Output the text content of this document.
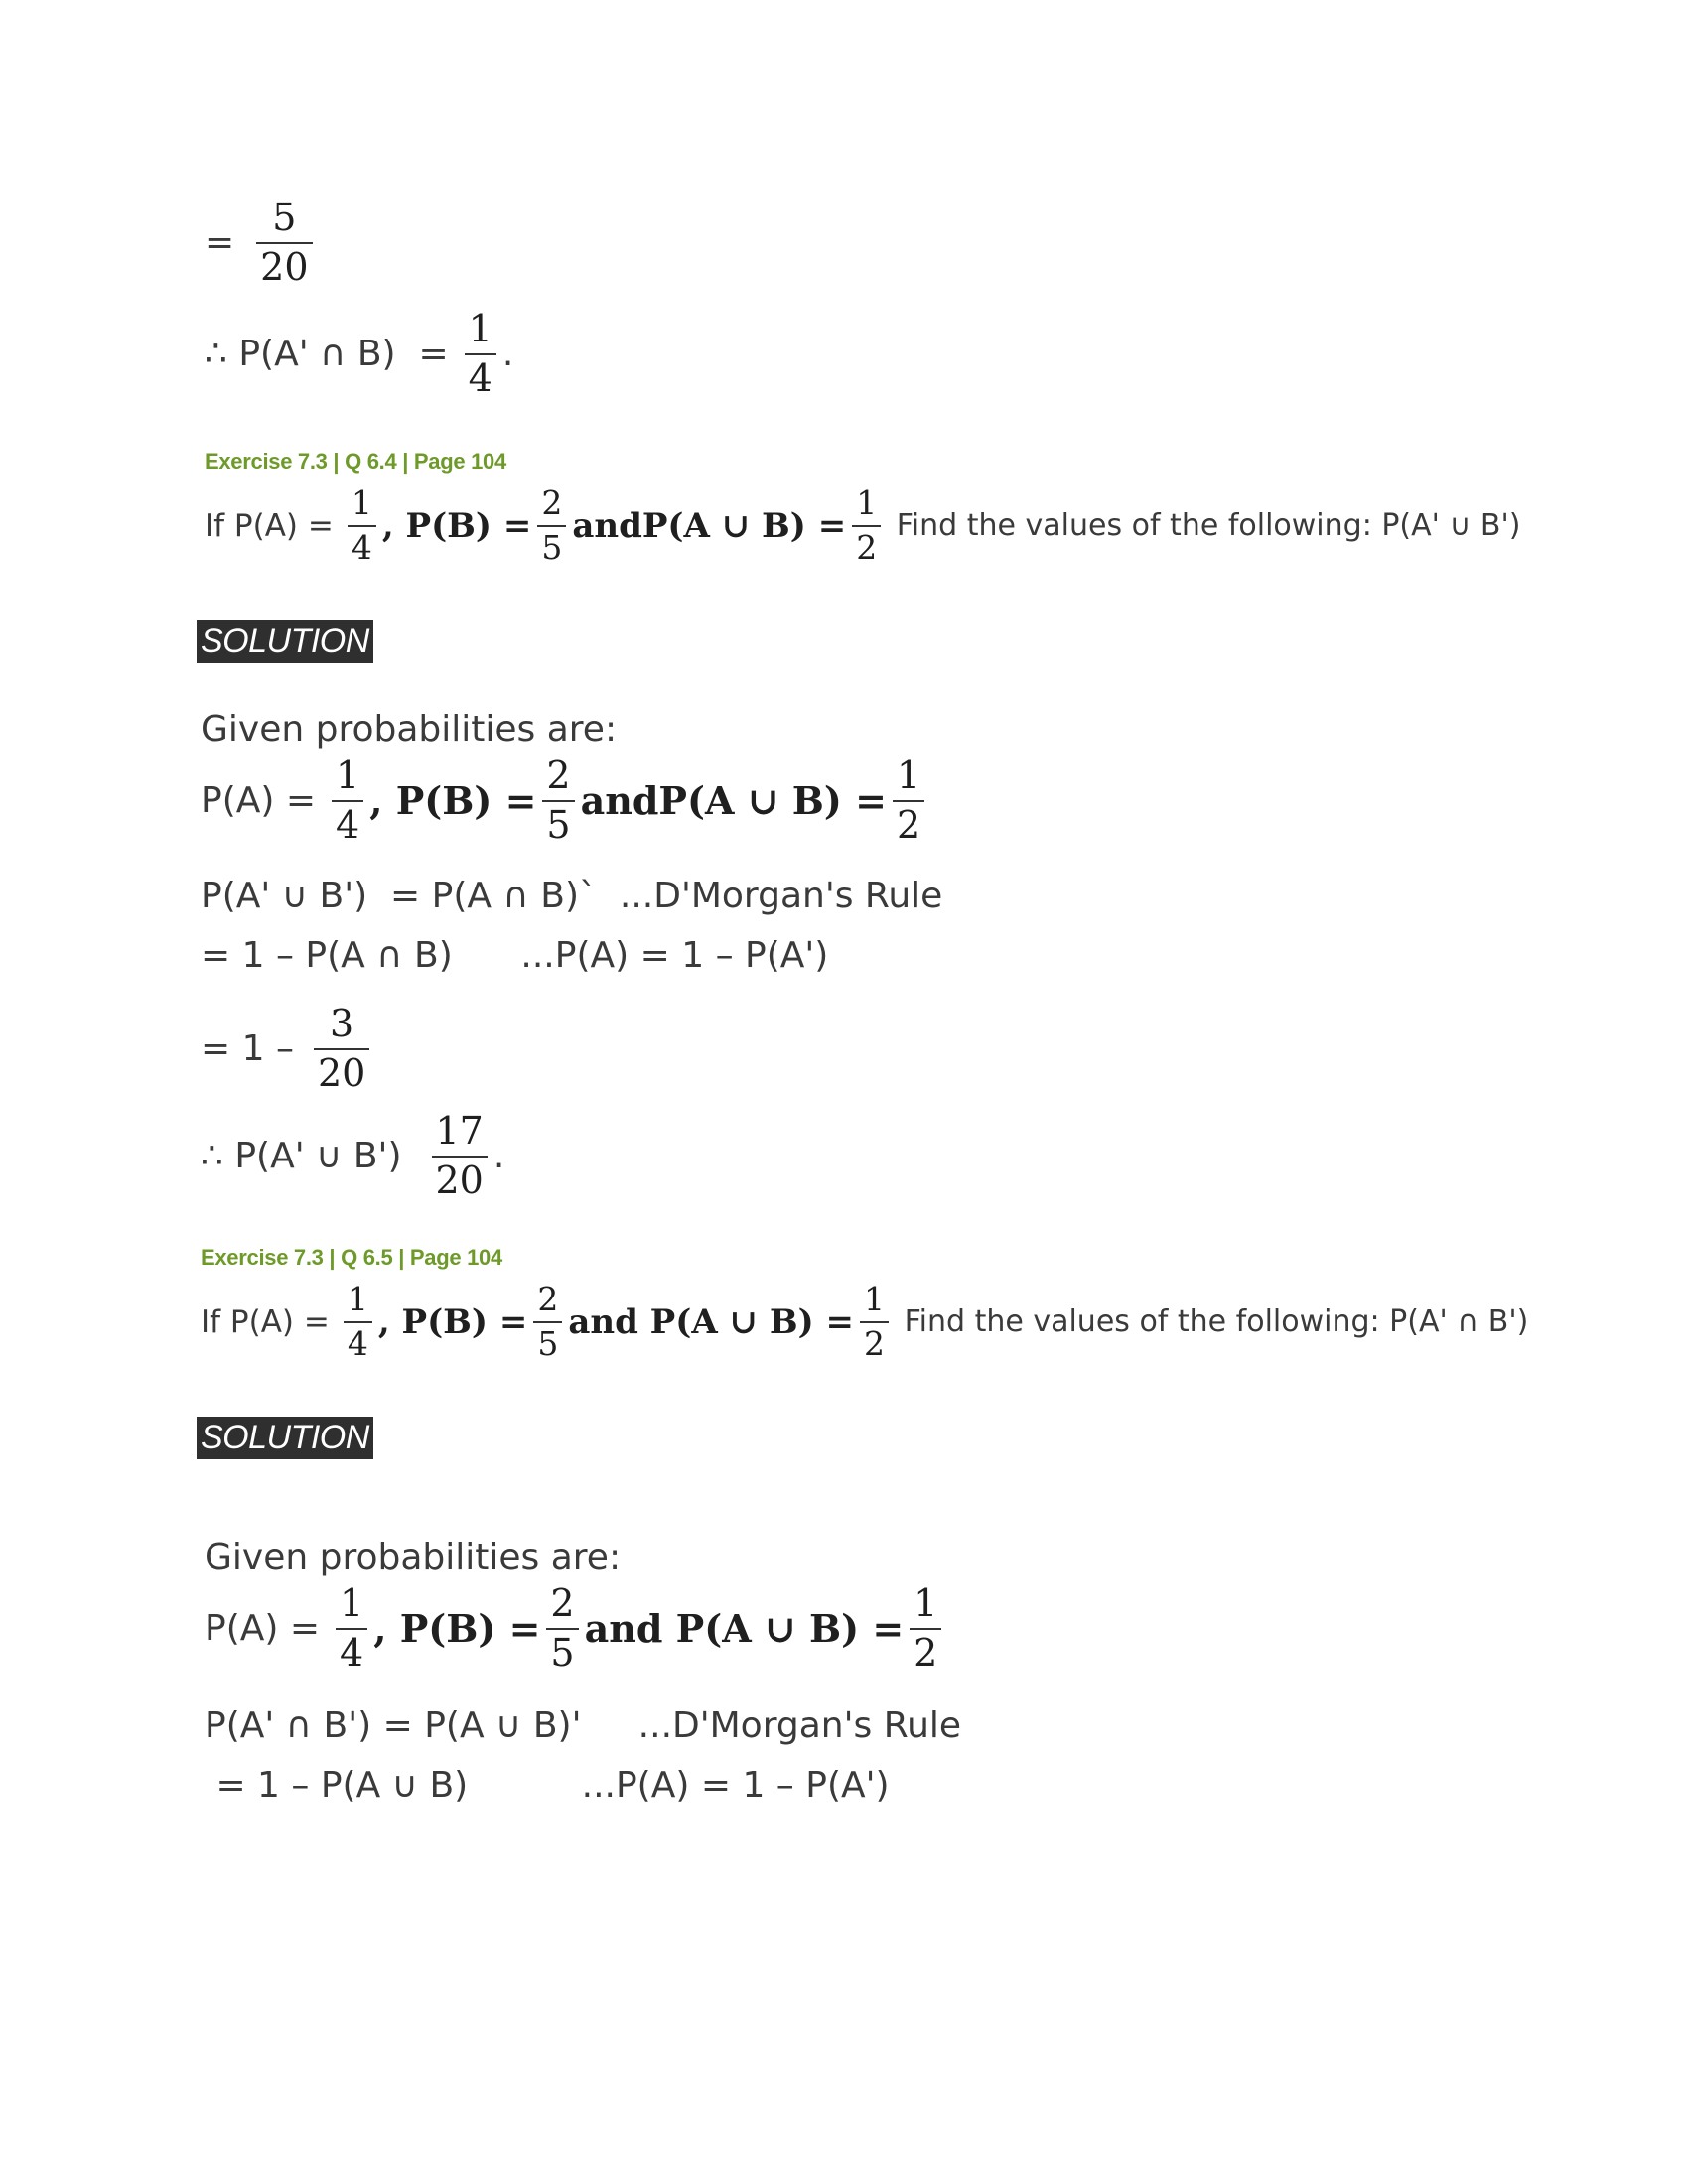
= $\frac{5}{20}$
∴ P(A' ∩ $B) = \frac{1}{4}$ .
Exercise 7.3 | Q 6.4 | Page 104
If $P(A) = \frac{1}{4}$ , $P(B) = \frac{2}{5}$ andP(A ∪ $B) = \frac{1}{2}$ Find the values of the following: P(A' ∪ B')
SOLUTION
Given probabilities are:
$P(A) = \frac{1}{4}$ , $P(B) = \frac{2}{5}$ andP(A ∪ $B) = \frac{1}{2}$
P(A' ∪ B')  = P(A ∩ B)`  ...D'Morgan's Rule
= 1 – P(A ∩ B)      ...P(A) = 1 – P(A')
= $1 - \frac{3}{20}$
∴ P(A' ∪ $B') \frac{17}{20}$ .
Exercise 7.3 | Q 6.5 | Page 104
If $P(A) = \frac{1}{4}$ , $P(B) = \frac{2}{5}$ and P(A ∪ $B) = \frac{1}{2}$ Find the values of the following: P(A' ∩ B')
SOLUTION
Given probabilities are:
$P(A) = \frac{1}{4}$ , $P(B) = \frac{2}{5}$ and P(A ∪ $B) = \frac{1}{2}$
P(A' ∩ B') = P(A ∪ B)'     ...D'Morgan's Rule
= 1 – P(A ∪ B)          ...P(A) = 1 – P(A')
